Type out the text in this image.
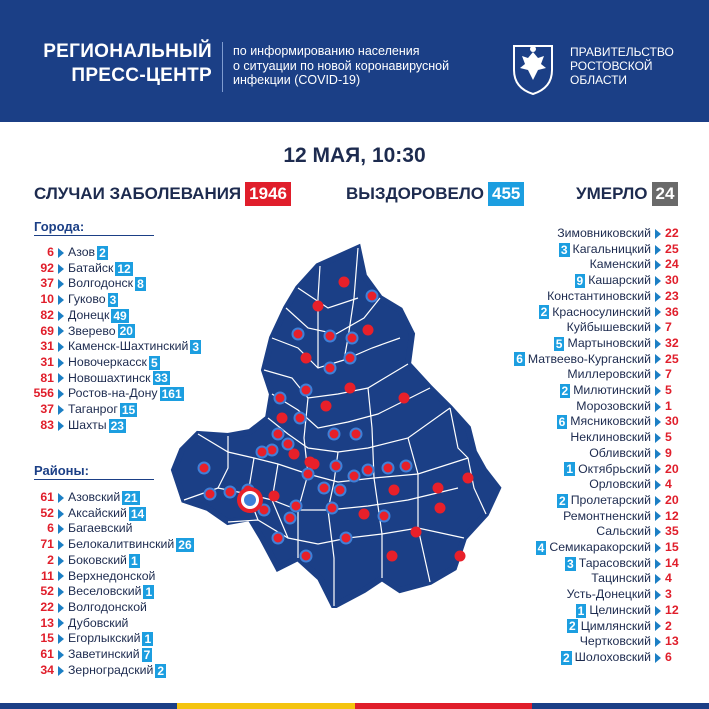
РЕГИОНАЛЬНЫЙ
ПРЕСС-ЦЕНТР
по информированию населения
о ситуации по новой коронавирусной
инфекции (COVID-19)
ПРАВИТЕЛЬСТВО
РОСТОВСКОЙ
ОБЛАСТИ
12 МАЯ, 10:30
СЛУЧАИ ЗАБОЛЕВАНИЯ 1946	ВЫЗДОРОВЕЛО 455	УМЕРЛО 24
Города:
Районы:
6 Азов 2
92 Батайск 12
37 Волгодонск 8
10 Гуково 3
82 Донецк 49
69 Зверево 20
31 Каменск-Шахтинский 3
31 Новочеркасск 5
81 Новошахтинск 33
556 Ростов-на-Дону 161
37 Таганрог 15
83 Шахты 23
61 Азовский 21
52 Аксайский 14
6 Багаевский
71 Белокалитвинский 26
2 Боковский 1
11 Верхнедонской
52 Веселовский 1
22 Волгодонской
13 Дубовский
15 Егорлыкский 1
61 Заветинский 7
34 Зерноградский 2
Зимовниковский 22
3 Кагальницкий 25
Каменский 24
9 Кашарский 30
Константиновский 23
2 Красносулинский 36
Куйбышевский 7
5 Мартыновский 32
6 Матвеево-Курганский 25
Миллеровский 7
2 Милютинский 5
Морозовский 1
6 Мясниковский 30
Неклиновский 5
Обливский 9
1 Октябрьский 20
Орловский 4
2 Пролетарский 20
Ремонтненский 12
Сальский 35
4 Семикаракорский 15
3 Тарасовский 14
Тацинский 4
Усть-Донецкий 3
1 Целинский 12
2 Цимлянский 2
Чертковский 13
2 Шолоховский 6
